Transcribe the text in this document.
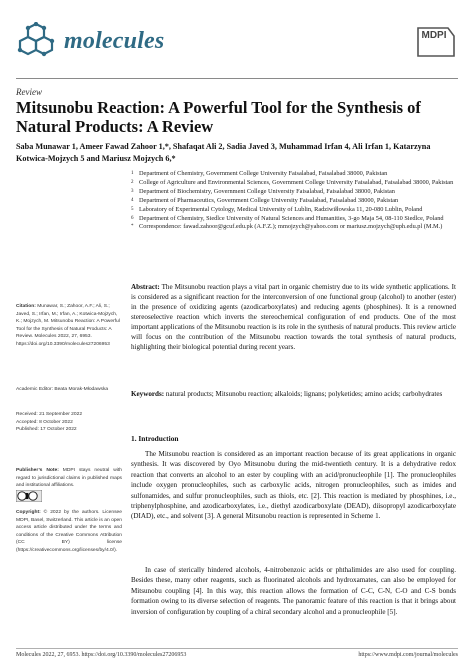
molecules	MDPI
Review
Mitsunobu Reaction: A Powerful Tool for the Synthesis of Natural Products: A Review
Saba Munawar 1, Ameer Fawad Zahoor 1,*, Shafaqat Ali 2, Sadia Javed 3, Muhammad Irfan 4, Ali Irfan 1, Katarzyna Kotwica-Mojzych 5 and Mariusz Mojzych 6,*
1 Department of Chemistry, Government College University Faisalabad, Faisalabad 38000, Pakistan
2 College of Agriculture and Environmental Sciences, Government College University Faisalabad, Faisalabad 38000, Pakistan
3 Department of Biochemistry, Government College University Faisalabad, Faisalabad 38000, Pakistan
4 Department of Pharmaceutics, Government College University Faisalabad, Faisalabad 38000, Pakistan
5 Laboratory of Experimental Cytology, Medical University of Lublin, Radziwiłłowska 11, 20-080 Lublin, Poland
6 Department of Chemistry, Siedlce University of Natural Sciences and Humanities, 3-go Maja 54, 08-110 Siedlce, Poland
* Correspondence: fawad.zahoor@gcuf.edu.pk (A.F.Z.); mmojzych@yahoo.com or mariusz.mojzych@uph.edu.pl (M.M.)
Abstract: The Mitsunobu reaction plays a vital part in organic chemistry due to its wide synthetic applications. It is considered as a significant reaction for the interconversion of one functional group (alcohol) to another (ester) in the presence of oxidizing agents (azodicarboxylates) and reducing agents (phosphines). It is a renowned stereoselective reaction which inverts the stereochemical configuration of end products. One of the most important applications of the Mitsunobu reaction is its role in the synthesis of natural products. This review article will focus on the contribution of the Mitsunobu reaction towards the total synthesis of natural products, highlighting their biological potential during recent years.
Keywords: natural products; Mitsunobu reaction; alkaloids; lignans; polyketides; amino acids; carbohydrates
Citation: Munawar, S.; Zahoor, A.F.; Ali, S.; Javed, S.; Irfan, M.; Irfan, A.; Kotwica-Mojzych, K.; Mojzych, M. Mitsunobu Reaction: A Powerful Tool for the Synthesis of Natural Products: A Review. Molecules 2022, 27, 6953. https://doi.org/10.3390/molecules27206953
Academic Editor: Beata Morak-Młodawska
Received: 21 September 2022
Accepted: 8 October 2022
Published: 17 October 2022
Publisher’s Note: MDPI stays neutral with regard to jurisdictional claims in published maps and institutional affiliations.
Copyright: © 2022 by the authors. Licensee MDPI, Basel, Switzerland. This article is an open access article distributed under the terms and conditions of the Creative Commons Attribution (CC BY) license (https://creativecommons.org/licenses/by/4.0/).
1. Introduction
The Mitsunobu reaction is considered as an important reaction because of its great applications in organic synthesis. It was discovered by Oyo Mitsunobu during the mid-twentieth century. It is a dehydrative redox reaction that converts an alcohol to an ester by coupling with an acid/pronucleophile [1]. The pronucleophiles include oxygen pronucleophiles, such as carboxylic acids, nitrogen pronucleophiles, such as imides and sulfonamides, and sulfur pronucleophiles, such as thiols, etc. [2]. This reaction is mediated by phosphines, i.e., triphenylphosphine, and azodicarboxylates, i.e., diethyl azodicarboxylate (DEAD), diisopropyl azodicarboxylate (DIAD), etc., and solvent [3]. A general Mitsunobu reaction is represented in Scheme 1.
In case of sterically hindered alcohols, 4-nitrobenzoic acids or phthalimides are also used for coupling. Besides these, many other reagents, such as fluorinated alcohols and hydroxamates, can also be employed for Mitsunobu coupling [4]. In this way, this reaction allows the formation of C-C, C-N, C-O and C-S bonds formation owing to its diverse selection of reagents. The panoramic feature of this reaction is that it brings about inversion of configuration by coupling of a chiral secondary alcohol and a pronucleophile [5].
Molecules 2022, 27, 6953. https://doi.org/10.3390/molecules27206953	https://www.mdpi.com/journal/molecules
